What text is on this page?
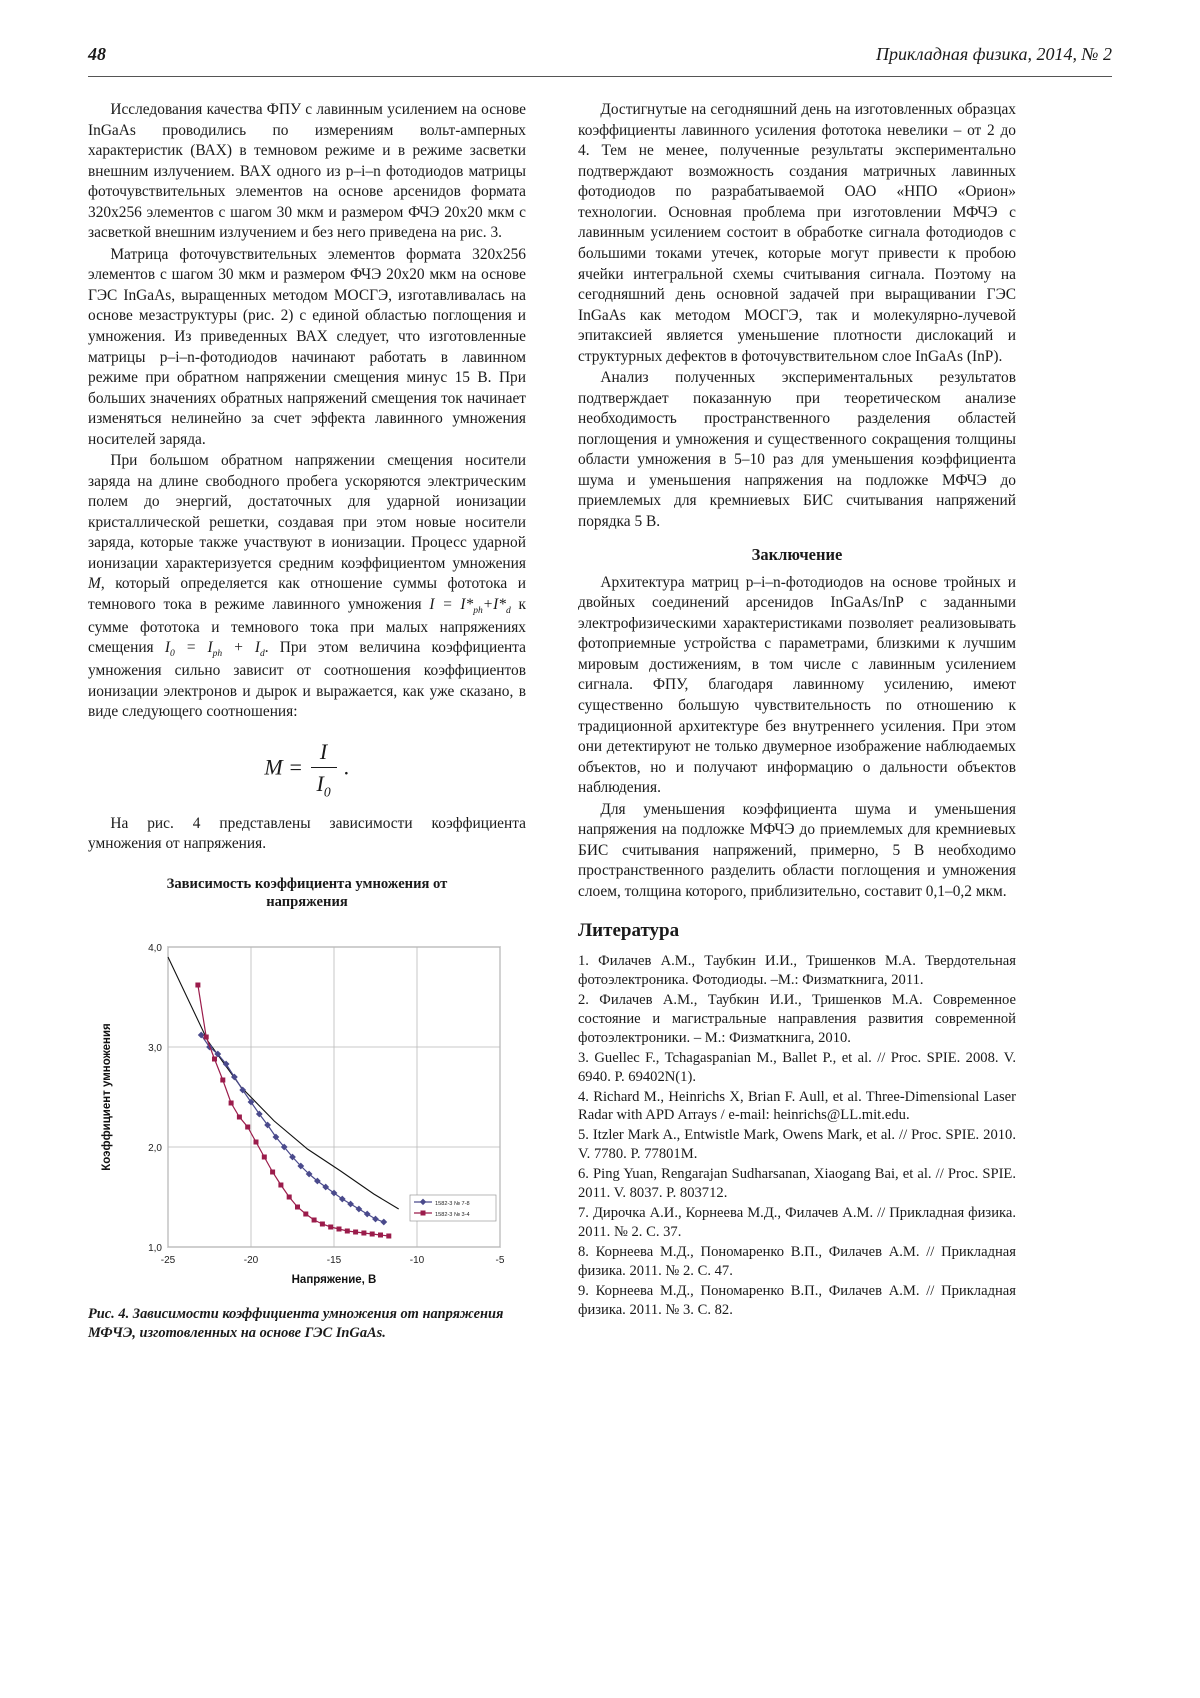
48	Прикладная физика, 2014, № 2

Исследования качества ФПУ с лавинным усилением на основе InGaAs проводились по измерениям вольт-амперных характеристик (ВАХ) в темновом режиме и в режиме засветки внешним излучением. ВАХ одного из p–i–n фотодиодов матрицы фоточувствительных элементов на основе арсенидов формата 320х256 элементов с шагом 30 мкм и размером ФЧЭ 20x20 мкм с засветкой внешним излучением и без него приведена на рис. 3.

Матрица фоточувствительных элементов формата 320х256 элементов с шагом 30 мкм и размером ФЧЭ 20x20 мкм на основе ГЭС InGaAs, выращенных методом МОСГЭ, изготавливалась на основе мезаструктуры (рис. 2) с единой областью поглощения и умножения. Из приведенных ВАХ следует, что изготовленные матрицы p–i–n-фотодиодов начинают работать в лавинном режиме при обратном напряжении смещения минус 15 В. При больших значениях обратных напряжений смещения ток начинает изменяться нелинейно за счет эффекта лавинного умножения носителей заряда.

При большом обратном напряжении смещения носители заряда на длине свободного пробега ускоряются электрическим полем до энергий, достаточных для ударной ионизации кристаллической решетки, создавая при этом новые носители заряда, которые также участвуют в ионизации. Процесс ударной ионизации характеризуется средним коэффициентом умножения M, который определяется как отношение суммы фототока и темнового тока в режиме лавинного умножения $I = I*_{ph}+I*_d$ к сумме фототока и темнового тока при малых напряжениях смещения $I_0 = I_{ph} + I_d$. При этом величина коэффициента умножения сильно зависит от соотношения коэффициентов ионизации электронов и дырок и выражается, как уже сказано, в виде следующего соотношения:

$M = \frac{I}{I_0}$ .

На рис. 4 представлены зависимости коэффициента умножения от напряжения.

Зависимость коэффициента умножения от
напряжения
1,0
2,0
3,0
4,0
-25	-20	-15	-10	-5
Коэффициент умножения
Напряжение, В
1582-3 № 7-8
1582-3 № 3-4
Рис. 4. Зависимости коэффициента умножения от напряжения МФЧЭ, изготовленных на основе ГЭС InGaAs.

Достигнутые на сегодняшний день на изготовленных образцах коэффициенты лавинного усиления фототока невелики – от 2 до 4. Тем не менее, полученные результаты экспериментально подтверждают возможность создания матричных лавинных фотодиодов по разрабатываемой ОАО «НПО «Орион» технологии. Основная проблема при изготовлении МФЧЭ с лавинным усилением состоит в обработке сигнала фотодиодов с большими токами утечек, которые могут привести к пробою ячейки интегральной схемы считывания сигнала. Поэтому на сегодняшний день основной задачей при выращивании ГЭС InGaAs как методом МОСГЭ, так и молекулярно-лучевой эпитаксией является уменьшение плотности дислокаций и структурных дефектов в фоточувствительном слое InGaAs (InP).

Анализ полученных экспериментальных результатов подтверждает показанную при теоретическом анализе необходимость пространственного разделения областей поглощения и умножения и существенного сокращения толщины области умножения в 5–10 раз для уменьшения коэффициента шума и уменьшения напряжения на подложке МФЧЭ до приемлемых для кремниевых БИС считывания напряжений порядка 5 В.

Заключение

Архитектура матриц p–i–n-фотодиодов на основе тройных и двойных соединений арсенидов InGaAs/InP с заданными электрофизическими характеристиками позволяет реализовывать фотоприемные устройства с параметрами, близкими к лучшим мировым достижениям, в том числе с лавинным усилением сигнала. ФПУ, благодаря лавинному усилению, имеют существенно большую чувствительность по отношению к традиционной архитектуре без внутреннего усиления. При этом они детектируют не только двумерное изображение наблюдаемых объектов, но и получают информацию о дальности объектов наблюдения.

Для уменьшения коэффициента шума и уменьшения напряжения на подложке МФЧЭ до приемлемых для кремниевых БИС считывания напряжений, примерно, 5 В необходимо пространственного разделить области поглощения и умножения слоем, толщина которого, приблизительно, составит 0,1–0,2 мкм.

Литература

1. Филачев А.М., Таубкин И.И., Тришенков М.А. Твердотельная фотоэлектроника. Фотодиоды. –М.: Физматкнига, 2011.

2. Филачев А.М., Таубкин И.И., Тришенков М.А. Современное состояние и магистральные направления развития современной фотоэлектроники. – М.: Физматкнига, 2010.

3. Guellec F., Tchagaspanian M., Ballet P., et al. // Proc. SPIE. 2008. V. 6940. P. 69402N(1).

4. Richard M., Heinrichs X, Brian F. Aull, et al. Three-Dimensional Laser Radar with APD Arrays / e-mail: heinrichs@LL.mit.edu.

5. Itzler Mark A., Entwistle Mark, Owens Mark, et al. // Proc. SPIE. 2010. V. 7780. P. 77801M.

6. Ping Yuan, Rengarajan Sudharsanan, Xiaogang Bai, et al. // Proc. SPIE. 2011. V. 8037. P. 803712.

7. Дирочка А.И., Корнеева М.Д., Филачев А.М. // Прикладная физика. 2011. № 2. С. 37.

8. Корнеева М.Д., Пономаренко В.П., Филачев А.М. // Прикладная физика. 2011. № 2. С. 47.

9. Корнеева М.Д., Пономаренко В.П., Филачев А.М. // Прикладная физика. 2011. № 3. С. 82.
